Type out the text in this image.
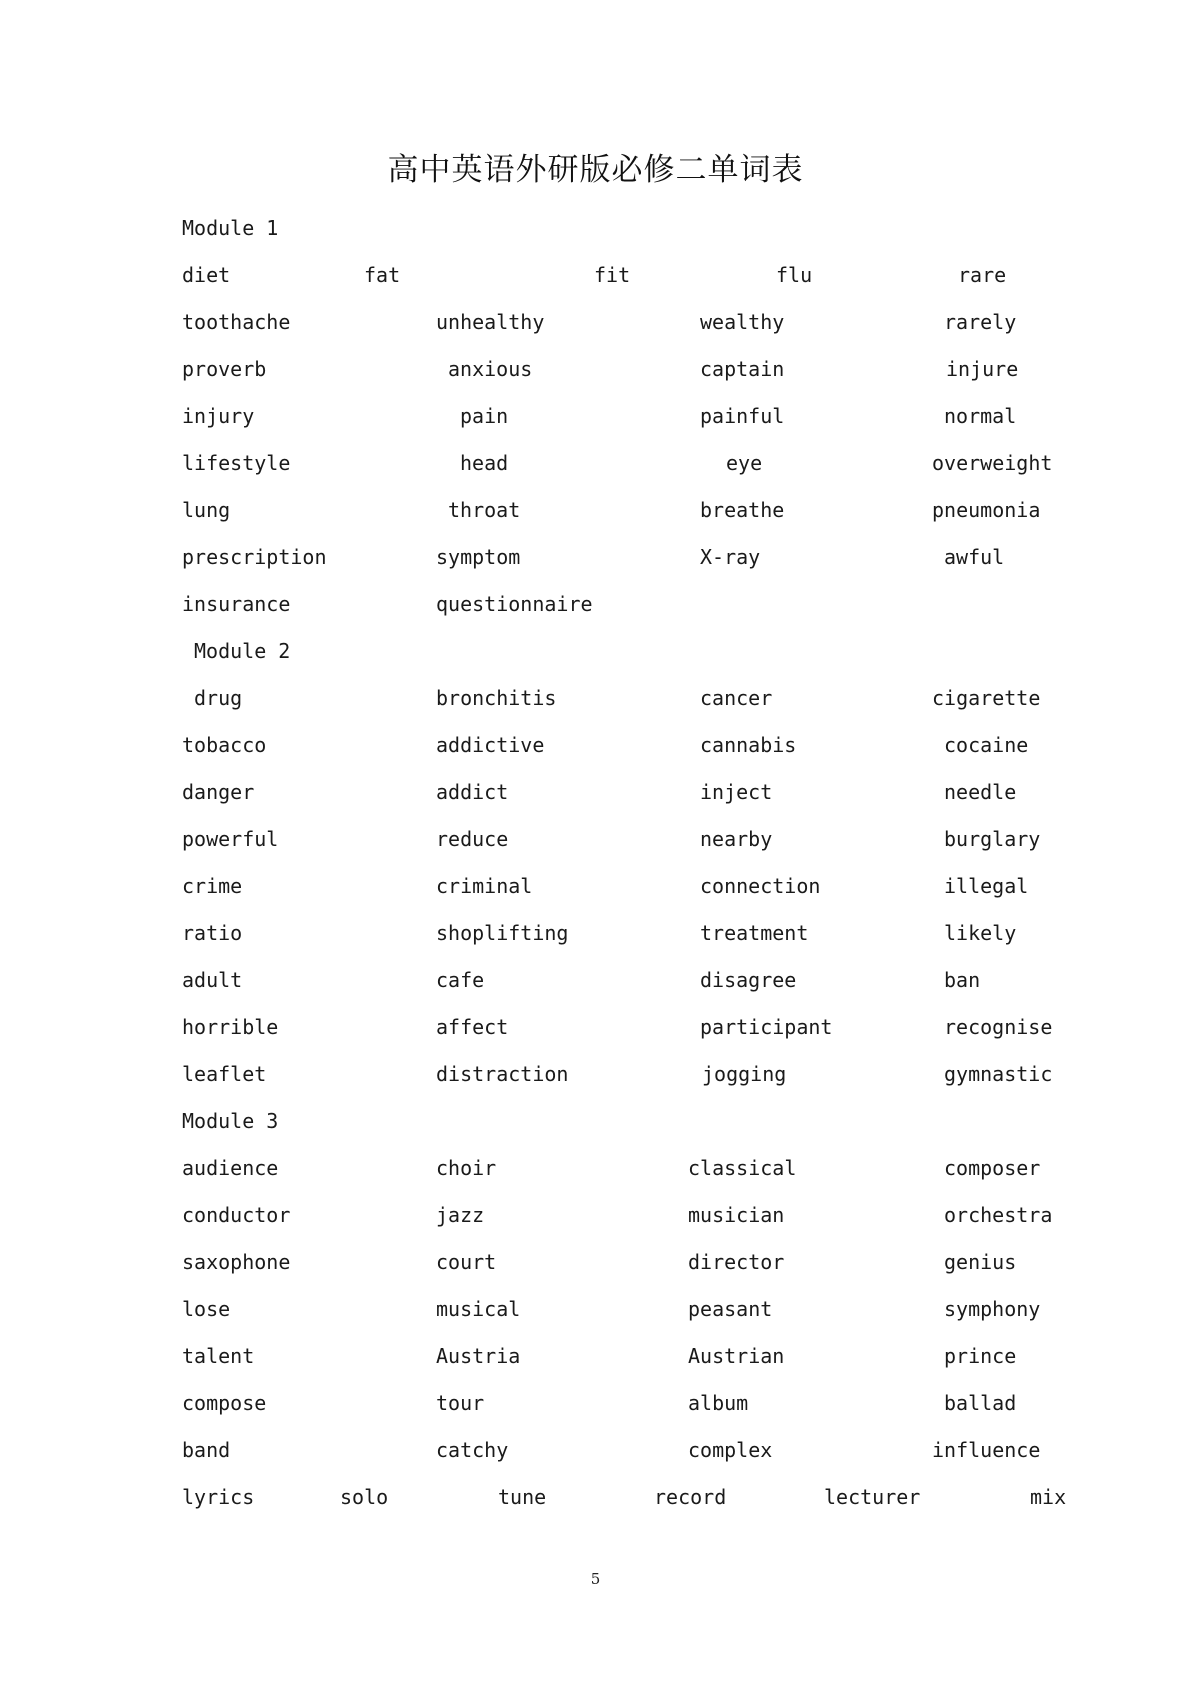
高中英语外研版必修二单词表
Module 1
diet	fat	fit	flu	rare
toothache	unhealthy	wealthy	rarely
proverb	anxious	captain	injure
injury	pain	painful	normal
lifestyle	head	eye	overweight
lung	throat	breathe	pneumonia
prescription	symptom	X-ray	awful
insurance	questionnaire
Module 2
drug	bronchitis	cancer	cigarette
tobacco	addictive	cannabis	cocaine
danger	addict	inject	needle
powerful	reduce	nearby	burglary
crime	criminal	connection	illegal
ratio	shoplifting	treatment	likely
adult	cafe	disagree	ban
horrible	affect	participant	recognise
leaflet	distraction	jogging	gymnastic
Module 3
audience	choir	classical	composer
conductor	jazz	musician	orchestra
saxophone	court	director	genius
lose	musical	peasant	symphony
talent	Austria	Austrian	prince
compose	tour	album	ballad
band	catchy	complex	influence
lyrics	solo	tune	record	lecturer	mix
5
